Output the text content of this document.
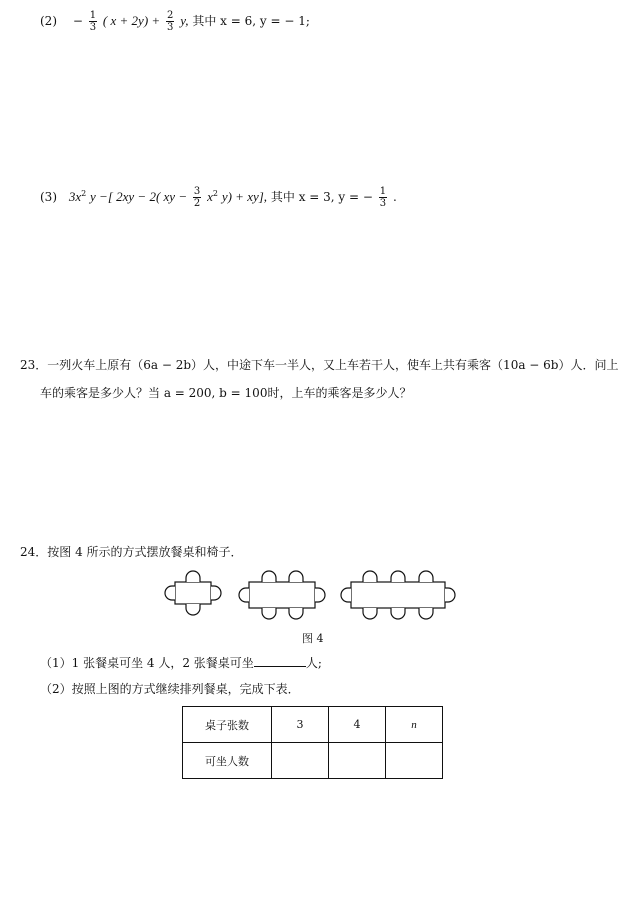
$(2) - \frac{1}{3}$ ( $x + 2y) + \frac{2}{3} y$, 其中 x = 6, y = − 1;
(3) $3x^2$ y −[ 2xy − 2( xy − $\frac{3}{2} x^2$ y) + xy], 其中 x = 3, y = − $\frac{1}{3}$ .
23．一列火车上原有（6a − 2b）人，中途下车一半人，又上车若干人，使车上共有乘客（10a − 6b）人．问上
车的乘客是多少人？当 a = 200, b = 100时，上车的乘客是多少人？
24．按图 4 所示的方式摆放餐桌和椅子．
图 4
（1）1 张餐桌可坐 4 人，2 张餐桌可坐	人;
（2）按照上图的方式继续排列餐桌，完成下表．
桌子张数	3	4	n
可坐人数			
